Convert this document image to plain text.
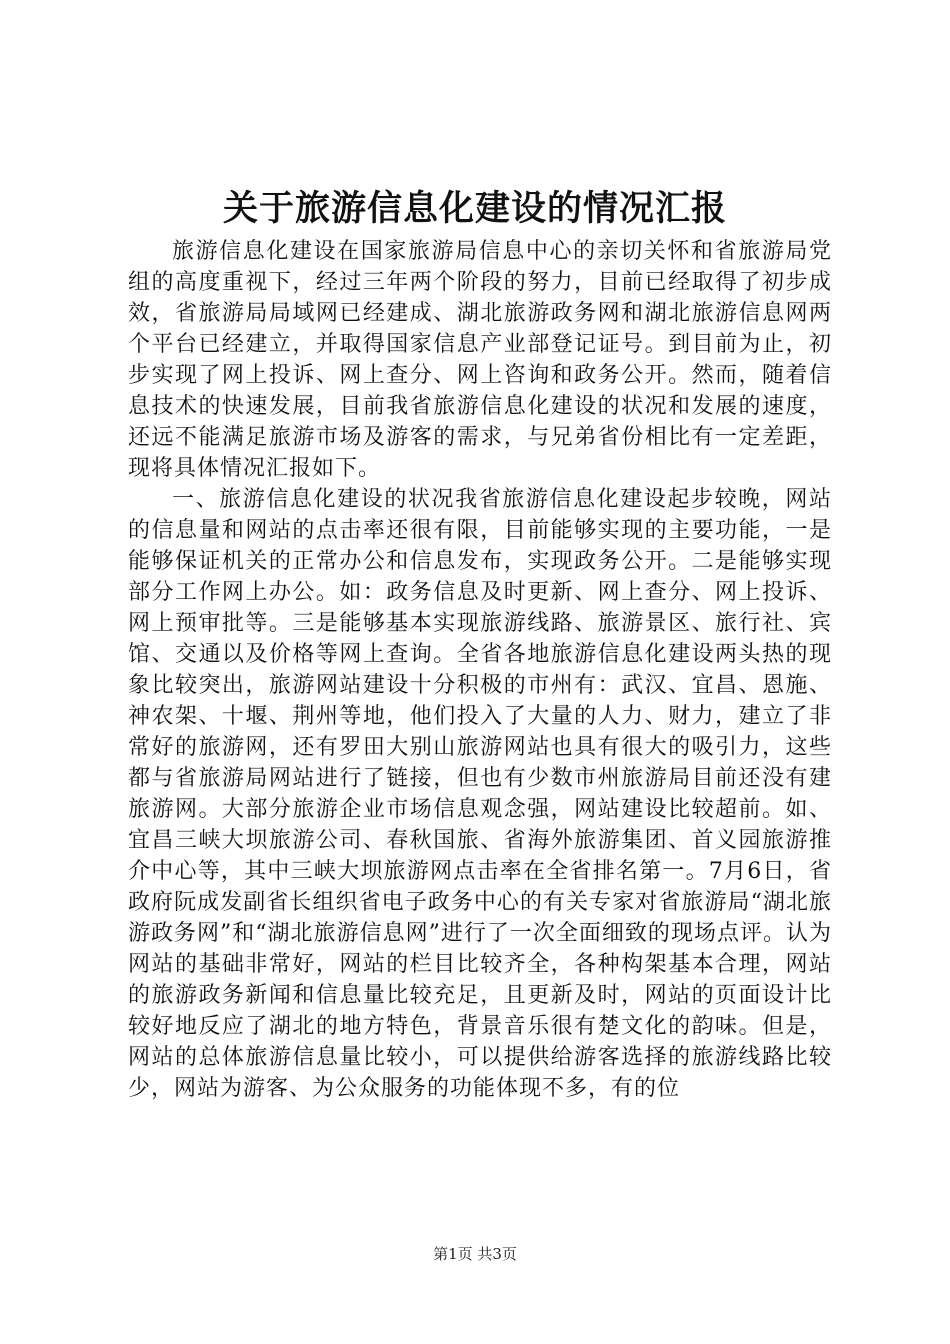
关于旅游信息化建设的情况汇报

旅游信息化建设在国家旅游局信息中心的亲切关怀和省旅游局党组的高度重视下，经过三年两个阶段的努力，目前已经取得了初步成效，省旅游局局域网已经建成、湖北旅游政务网和湖北旅游信息网两个平台已经建立，并取得国家信息产业部登记证号。到目前为止，初步实现了网上投诉、网上查分、网上咨询和政务公开。然而，随着信息技术的快速发展，目前我省旅游信息化建设的状况和发展的速度，还远不能满足旅游市场及游客的需求，与兄弟省份相比有一定差距，现将具体情况汇报如下。

一、旅游信息化建设的状况我省旅游信息化建设起步较晚，网站的信息量和网站的点击率还很有限，目前能够实现的主要功能，一是能够保证机关的正常办公和信息发布，实现政务公开。二是能够实现部分工作网上办公。如：政务信息及时更新、网上查分、网上投诉、网上预审批等。三是能够基本实现旅游线路、旅游景区、旅行社、宾馆、交通以及价格等网上查询。全省各地旅游信息化建设两头热的现象比较突出，旅游网站建设十分积极的市州有：武汉、宜昌、恩施、神农架、十堰、荆州等地，他们投入了大量的人力、财力，建立了非常好的旅游网，还有罗田大别山旅游网站也具有很大的吸引力，这些都与省旅游局网站进行了链接，但也有少数市州旅游局目前还没有建旅游网。大部分旅游企业市场信息观念强，网站建设比较超前。如、宜昌三峡大坝旅游公司、春秋国旅、省海外旅游集团、首义园旅游推介中心等，其中三峡大坝旅游网点击率在全省排名第一。7月6日，省政府阮成发副省长组织省电子政务中心的有关专家对省旅游局“湖北旅游政务网”和“湖北旅游信息网”进行了一次全面细致的现场点评。认为网站的基础非常好，网站的栏目比较齐全，各种构架基本合理，网站的旅游政务新闻和信息量比较充足，且更新及时，网站的页面设计比较好地反应了湖北的地方特色，背景音乐很有楚文化的韵味。但是，网站的总体旅游信息量比较小，可以提供给游客选择的旅游线路比较少，网站为游客、为公众服务的功能体现不多，有的位

第1页 共3页
